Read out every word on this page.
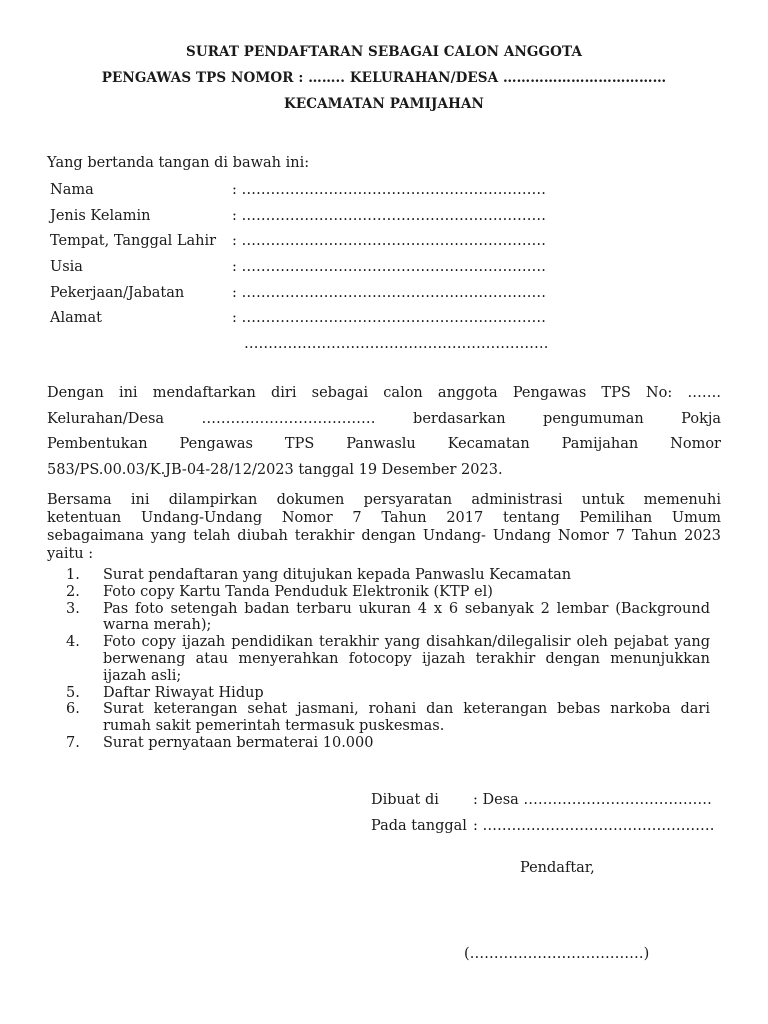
SURAT PENDAFTARAN SEBAGAI CALON ANGGOTA
PENGAWAS TPS NOMOR : …….. KELURAHAN/DESA ………………………………
KECAMATAN PAMIJAHAN
Yang bertanda tangan di bawah ini:
Nama	: ………………………………………………………
Jenis Kelamin	: ………………………………………………………
Tempat, Tanggal Lahir : ………………………………………………………
Usia	: ………………………………………………………
Pekerjaan/Jabatan	: ………………………………………………………
Alamat	: ………………………………………………………
………………………………………………………
Dengan ini mendaftarkan diri sebagai calon anggota Pengawas TPS No: …….
Kelurahan/Desa ……………………………… berdasarkan pengumuman Pokja
Pembentukan Pengawas TPS Panwaslu Kecamatan Pamijahan Nomor
583/PS.00.03/K.JB-04-28/12/2023 tanggal 19 Desember 2023.
Bersama ini dilampirkan dokumen persyaratan administrasi untuk memenuhi
ketentuan Undang-Undang Nomor 7 Tahun 2017 tentang Pemilihan Umum
sebagaimana yang telah diubah terakhir dengan Undang- Undang Nomor 7 Tahun 2023
yaitu :
1. Surat pendaftaran yang ditujukan kepada Panwaslu Kecamatan
2. Foto copy Kartu Tanda Penduduk Elektronik (KTP el)
3. Pas foto setengah badan terbaru ukuran 4 x 6 sebanyak 2 lembar (Background warna merah);
4. Foto copy ijazah pendidikan terakhir yang disahkan/dilegalisir oleh pejabat yang berwenang atau menyerahkan fotocopy ijazah terakhir dengan menunjukkan ijazah asli;
5. Daftar Riwayat Hidup
6. Surat keterangan sehat jasmani, rohani dan keterangan bebas narkoba dari rumah sakit pemerintah termasuk puskesmas.
7. Surat pernyataan bermaterai 10.000
Dibuat di : Desa …………………………………
Pada tanggal : …………………………………………
Pendaftar,
(………………………………)
